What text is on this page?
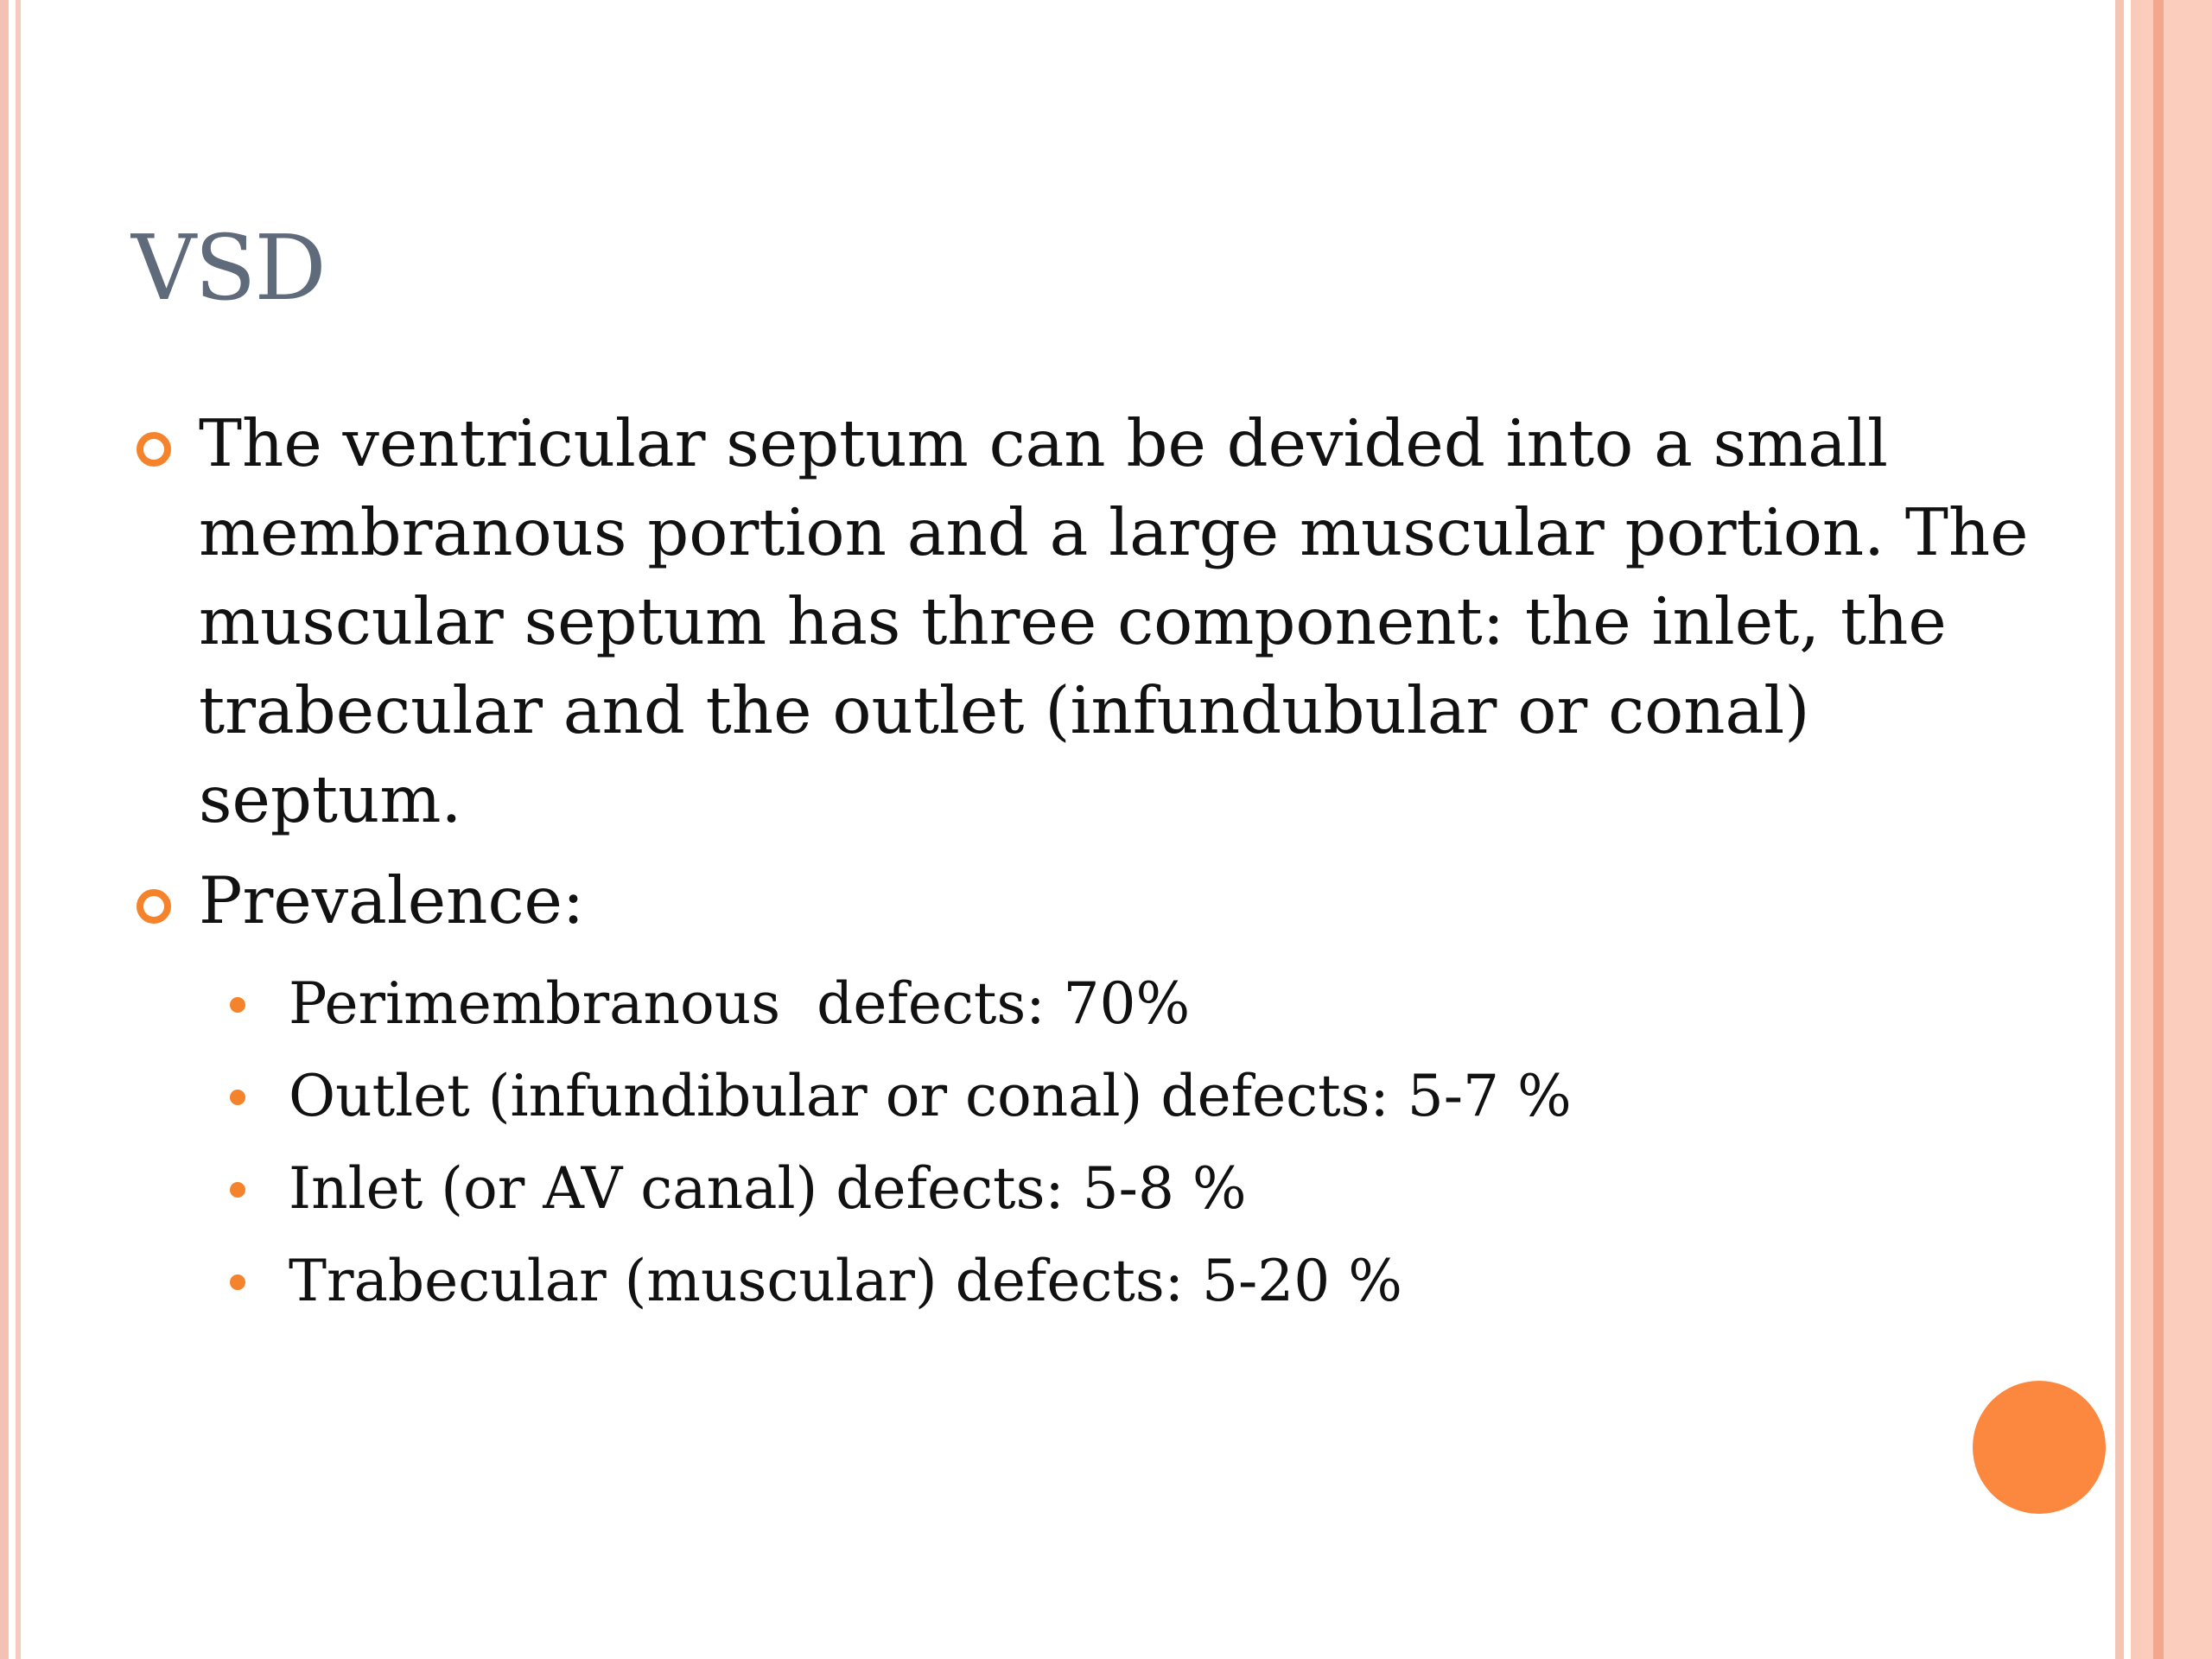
VSD
The ventricular septum can be devided into a small membranous portion and a large muscular portion. The muscular septum has three component: the inlet, the trabecular and the outlet (infundubular or conal) septum.
Prevalence:
Perimembranous  defects: 70%
Outlet (infundibular or conal) defects: 5-7 %
Inlet (or AV canal) defects: 5-8 %
Trabecular (muscular) defects: 5-20 %
